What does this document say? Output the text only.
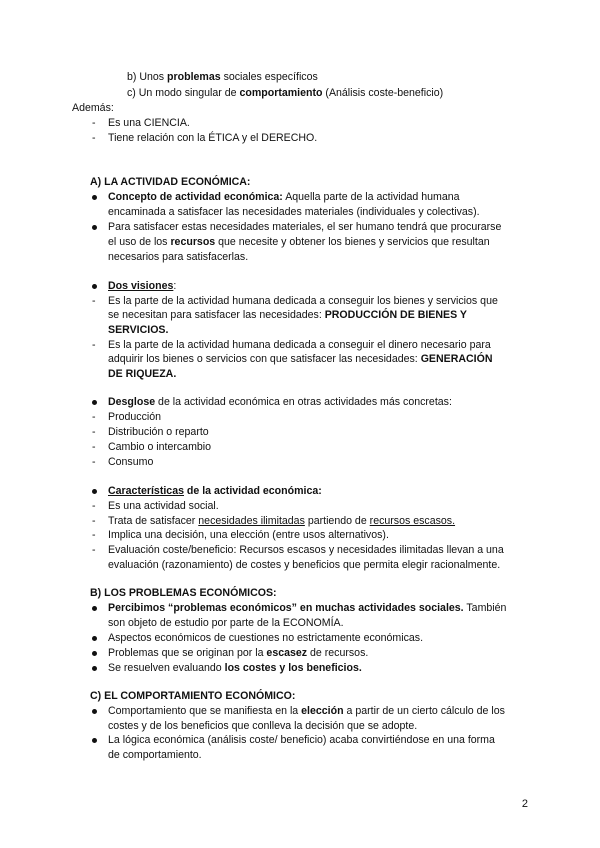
b) Unos problemas sociales específicos
c) Un modo singular de comportamiento (Análisis coste-beneficio)
Además:
- Es una CIENCIA.
- Tiene relación con la ÉTICA y el DERECHO.
A) LA ACTIVIDAD ECONÓMICA:
Concepto de actividad económica: Aquella parte de la actividad humana
encaminada a satisfacer las necesidades materiales (individuales y colectivas).
Para satisfacer estas necesidades materiales, el ser humano tendrá que procurarse
el uso de los recursos que necesite y obtener los bienes y servicios que resultan
necesarios para satisfacerlas.
Dos visiones:
- Es la parte de la actividad humana dedicada a conseguir los bienes y servicios que
se necesitan para satisfacer las necesidades: PRODUCCIÓN DE BIENES Y
SERVICIOS.
- Es la parte de la actividad humana dedicada a conseguir el dinero necesario para
adquirir los bienes o servicios con que satisfacer las necesidades: GENERACIÓN
DE RIQUEZA.
Desglose de la actividad económica en otras actividades más concretas:
- Producción
- Distribución o reparto
- Cambio o intercambio
- Consumo
Características de la actividad económica:
- Es una actividad social.
- Trata de satisfacer necesidades ilimitadas partiendo de recursos escasos.
- Implica una decisión, una elección (entre usos alternativos).
- Evaluación coste/beneficio: Recursos escasos y necesidades ilimitadas llevan a una
evaluación (razonamiento) de costes y beneficios que permita elegir racionalmente.
B) LOS PROBLEMAS ECONÓMICOS:
Percibimos “problemas económicos” en muchas actividades sociales. También
son objeto de estudio por parte de la ECONOMÍA.
Aspectos económicos de cuestiones no estrictamente económicas.
Problemas que se originan por la escasez de recursos.
Se resuelven evaluando los costes y los beneficios.
C) EL COMPORTAMIENTO ECONÓMICO:
Comportamiento que se manifiesta en la elección a partir de un cierto cálculo de los
costes y de los beneficios que conlleva la decisión que se adopte.
La lógica económica (análisis coste/ beneficio) acaba convirtiéndose en una forma
de comportamiento.
2
